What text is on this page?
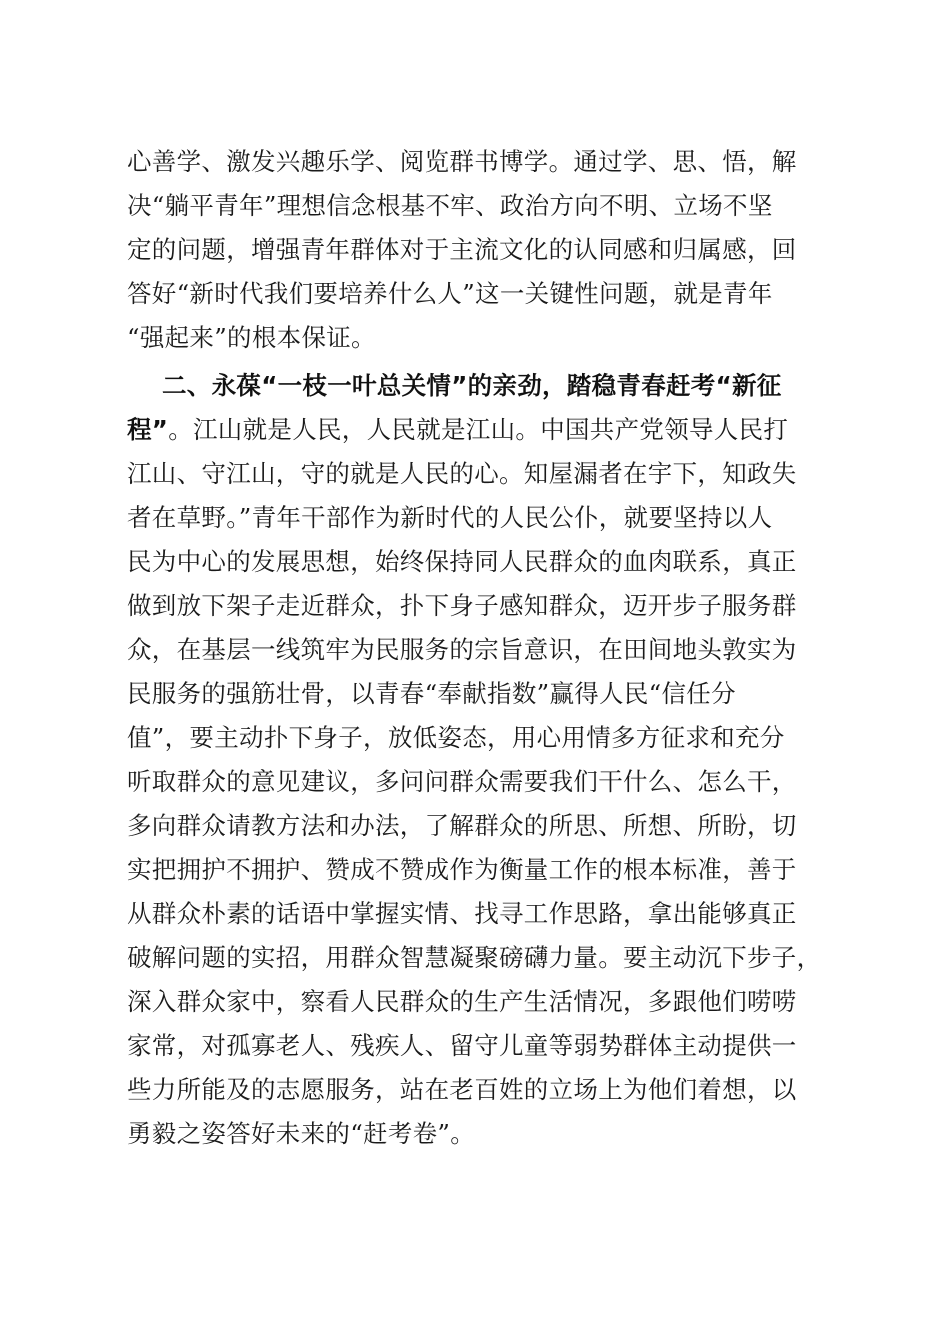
心善学、激发兴趣乐学、阅览群书博学。通过学、思、悟，解
决“躺平青年”理想信念根基不牢、政治方向不明、立场不坚
定的问题，增强青年群体对于主流文化的认同感和归属感，回
答好“新时代我们要培养什么人”这一关键性问题，就是青年
“强起来”的根本保证。
二、永葆“一枝一叶总关情”的亲劲，踏稳青春赶考“新征
程”。江山就是人民，人民就是江山。中国共产党领导人民打
江山、守江山，守的就是人民的心。知屋漏者在宇下，知政失
者在草野。”青年干部作为新时代的人民公仆，就要坚持以人
民为中心的发展思想，始终保持同人民群众的血肉联系，真正
做到放下架子走近群众，扑下身子感知群众，迈开步子服务群
众，在基层一线筑牢为民服务的宗旨意识，在田间地头敦实为
民服务的强筋壮骨，以青春“奉献指数”赢得人民“信任分
值”，要主动扑下身子，放低姿态，用心用情多方征求和充分
听取群众的意见建议，多问问群众需要我们干什么、怎么干，
多向群众请教方法和办法，了解群众的所思、所想、所盼，切
实把拥护不拥护、赞成不赞成作为衡量工作的根本标准，善于
从群众朴素的话语中掌握实情、找寻工作思路，拿出能够真正
破解问题的实招，用群众智慧凝聚磅礴力量。要主动沉下步子，
深入群众家中，察看人民群众的生产生活情况，多跟他们唠唠
家常，对孤寡老人、残疾人、留守儿童等弱势群体主动提供一
些力所能及的志愿服务，站在老百姓的立场上为他们着想，以
勇毅之姿答好未来的“赶考卷”。
